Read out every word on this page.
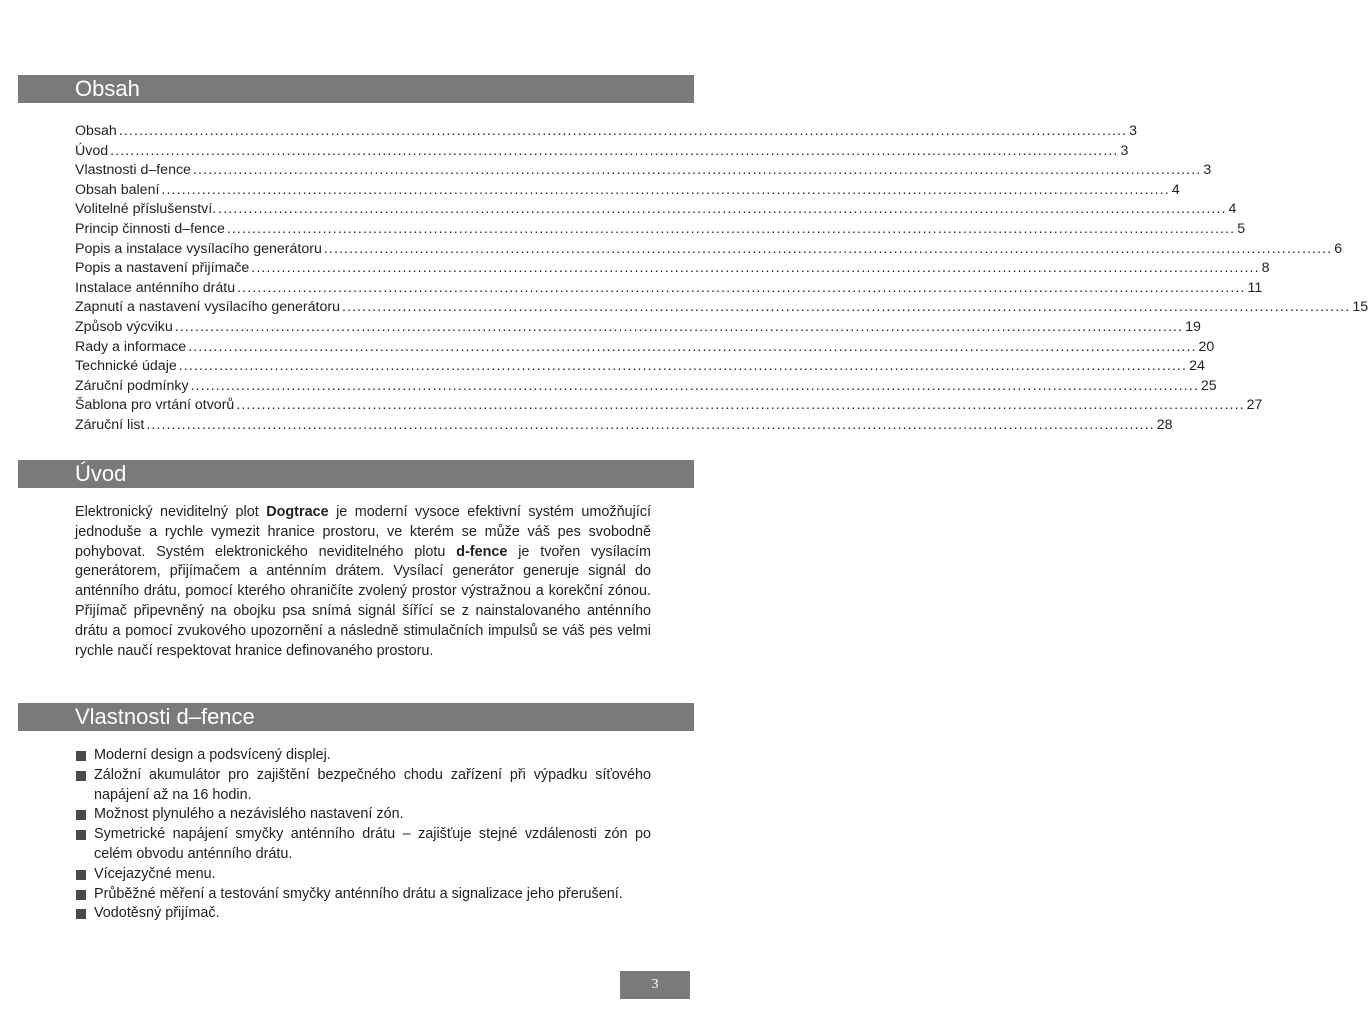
Obsah
Obsah ........................................................................................................................................................................................................ 3
Úvod ........................................................................................................................................................................................................ 3
Vlastnosti d–fence ........................................................................................................................................................................................................ 3
Obsah balení ........................................................................................................................................................................................................ 4
Volitelné příslušenství. ........................................................................................................................................................................................................ 4
Princip činnosti d–fence ........................................................................................................................................................................................................ 5
Popis a instalace vysílacího generátoru ........................................................................................................................................................................................................ 6
Popis a nastavení přijímače ........................................................................................................................................................................................................ 8
Instalace anténního drátu ........................................................................................................................................................................................................ 11
Zapnutí a nastavení vysílacího generátoru ........................................................................................................................................................................................................ 15
Způsob výcviku ........................................................................................................................................................................................................ 19
Rady a informace ........................................................................................................................................................................................................ 20
Technické údaje ........................................................................................................................................................................................................ 24
Záruční podmínky ........................................................................................................................................................................................................ 25
Šablona pro vrtání otvorů ........................................................................................................................................................................................................ 27
Záruční list ........................................................................................................................................................................................................ 28
Úvod

Elektronický neviditelný plot Dogtrace je moderní vysoce efektivní systém umožňující jednoduše a rychle vymezit hranice prostoru, ve kterém se může váš pes svobodně pohybovat. Systém elektronického neviditelného plotu d-fence je tvořen vysílacím generátorem, přijímačem a anténním drátem. Vysílací generátor generuje signál do anténního drátu, pomocí kterého ohraničíte zvolený prostor výstražnou a korekční zónou. Přijímač připevněný na obojku psa snímá signál šířící se z nainstalovaného anténního drátu a pomocí zvukového upozornění a následně stimulačních impulsů se váš pes velmi rychle naučí respektovat hranice definovaného prostoru.

Vlastnosti d–fence
Moderní design a podsvícený displej.
Záložní akumulátor pro zajištění bezpečného chodu zařízení při výpadku síťového napájení až na 16 hodin.
Možnost plynulého a nezávislého nastavení zón.
Symetrické napájení smyčky anténního drátu – zajišťuje stejné vzdálenosti zón po celém obvodu anténního drátu.
Vícejazyčné menu.
Průběžné měření a testování smyčky anténního drátu a signalizace jeho přerušení.
Vodotěsný přijímač.
3
